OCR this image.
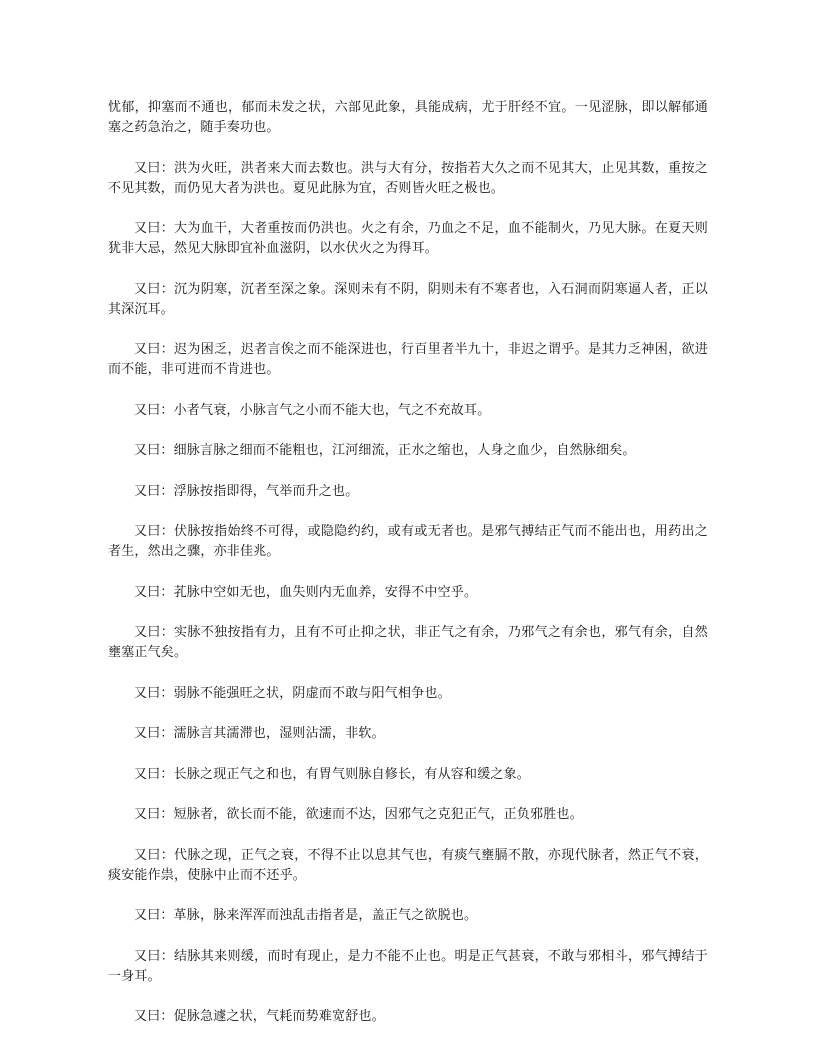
忧郁，抑塞而不通也，郁而未发之状，六部见此象，具能成病，尤于肝经不宜。一见涩脉，即以解郁通塞之药急治之，随手奏功也。

又曰：洪为火旺，洪者来大而去数也。洪与大有分，按指若大久之而不见其大，止见其数，重按之不见其数，而仍见大者为洪也。夏见此脉为宜，否则皆火旺之极也。

又曰：大为血干，大者重按而仍洪也。火之有余，乃血之不足，血不能制火，乃见大脉。在夏天则犹非大忌，然见大脉即宜补血滋阴，以水伏火之为得耳。

又曰：沉为阴寒，沉者至深之象。深则未有不阴，阴则未有不寒者也，入石洞而阴寒逼人者，正以其深沉耳。

又曰：迟为困乏，迟者言俟之而不能深进也，行百里者半九十，非迟之谓乎。是其力乏神困，欲进而不能，非可进而不肯进也。

又曰：小者气衰，小脉言气之小而不能大也，气之不充故耳。

又曰：细脉言脉之细而不能粗也，江河细流，正水之缩也，人身之血少，自然脉细矣。

又曰：浮脉按指即得，气举而升之也。

又曰：伏脉按指始终不可得，或隐隐约约，或有或无者也。是邪气搏结正气而不能出也，用药出之者生，然出之骤，亦非佳兆。

又曰：芤脉中空如无也，血失则内无血养，安得不中空乎。

又曰：实脉不独按指有力，且有不可止抑之状，非正气之有余，乃邪气之有余也，邪气有余，自然壅塞正气矣。

又曰：弱脉不能强旺之状，阴虚而不敢与阳气相争也。

又曰：濡脉言其濡滞也，湿则沾濡，非软。

又曰：长脉之现正气之和也，有胃气则脉自修长，有从容和缓之象。

又曰：短脉者，欲长而不能，欲速而不达，因邪气之克犯正气，正负邪胜也。

又曰：代脉之现，正气之衰，不得不止以息其气也，有痰气壅膈不散，亦现代脉者，然正气不衰，痰安能作祟，使脉中止而不还乎。

又曰：革脉，脉来浑浑而浊乱击指者是，盖正气之欲脱也。

又曰：结脉其来则缓，而时有现止，是力不能不止也。明是正气甚衰，不敢与邪相斗，邪气搏结于一身耳。

又曰：促脉急遽之状，气耗而势难宽舒也。
